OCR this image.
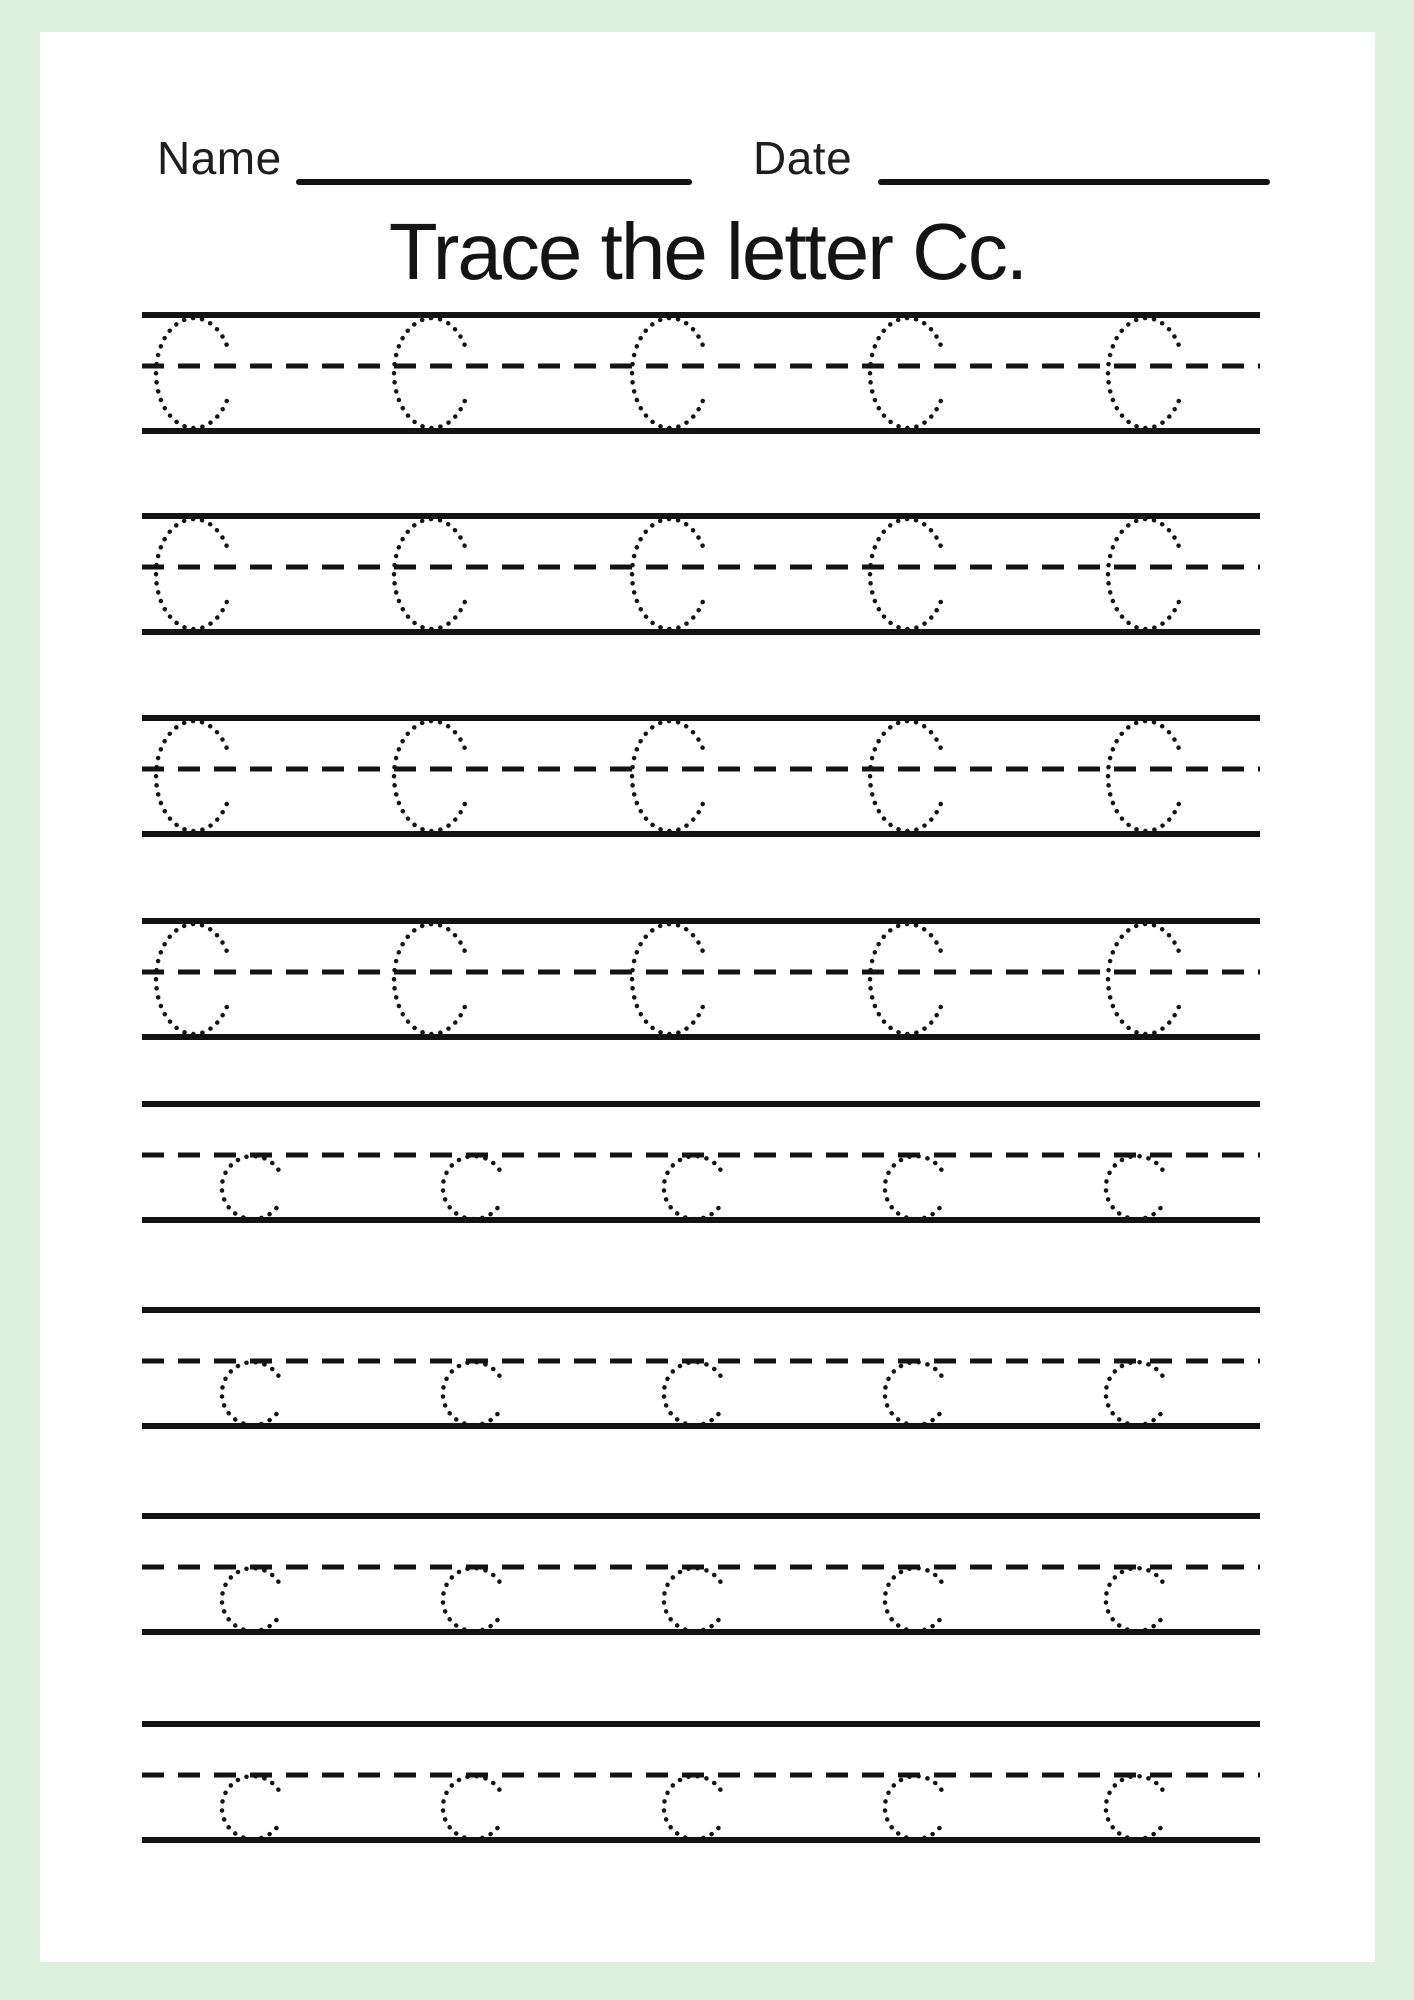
Name	Date
Trace the letter Cc.
